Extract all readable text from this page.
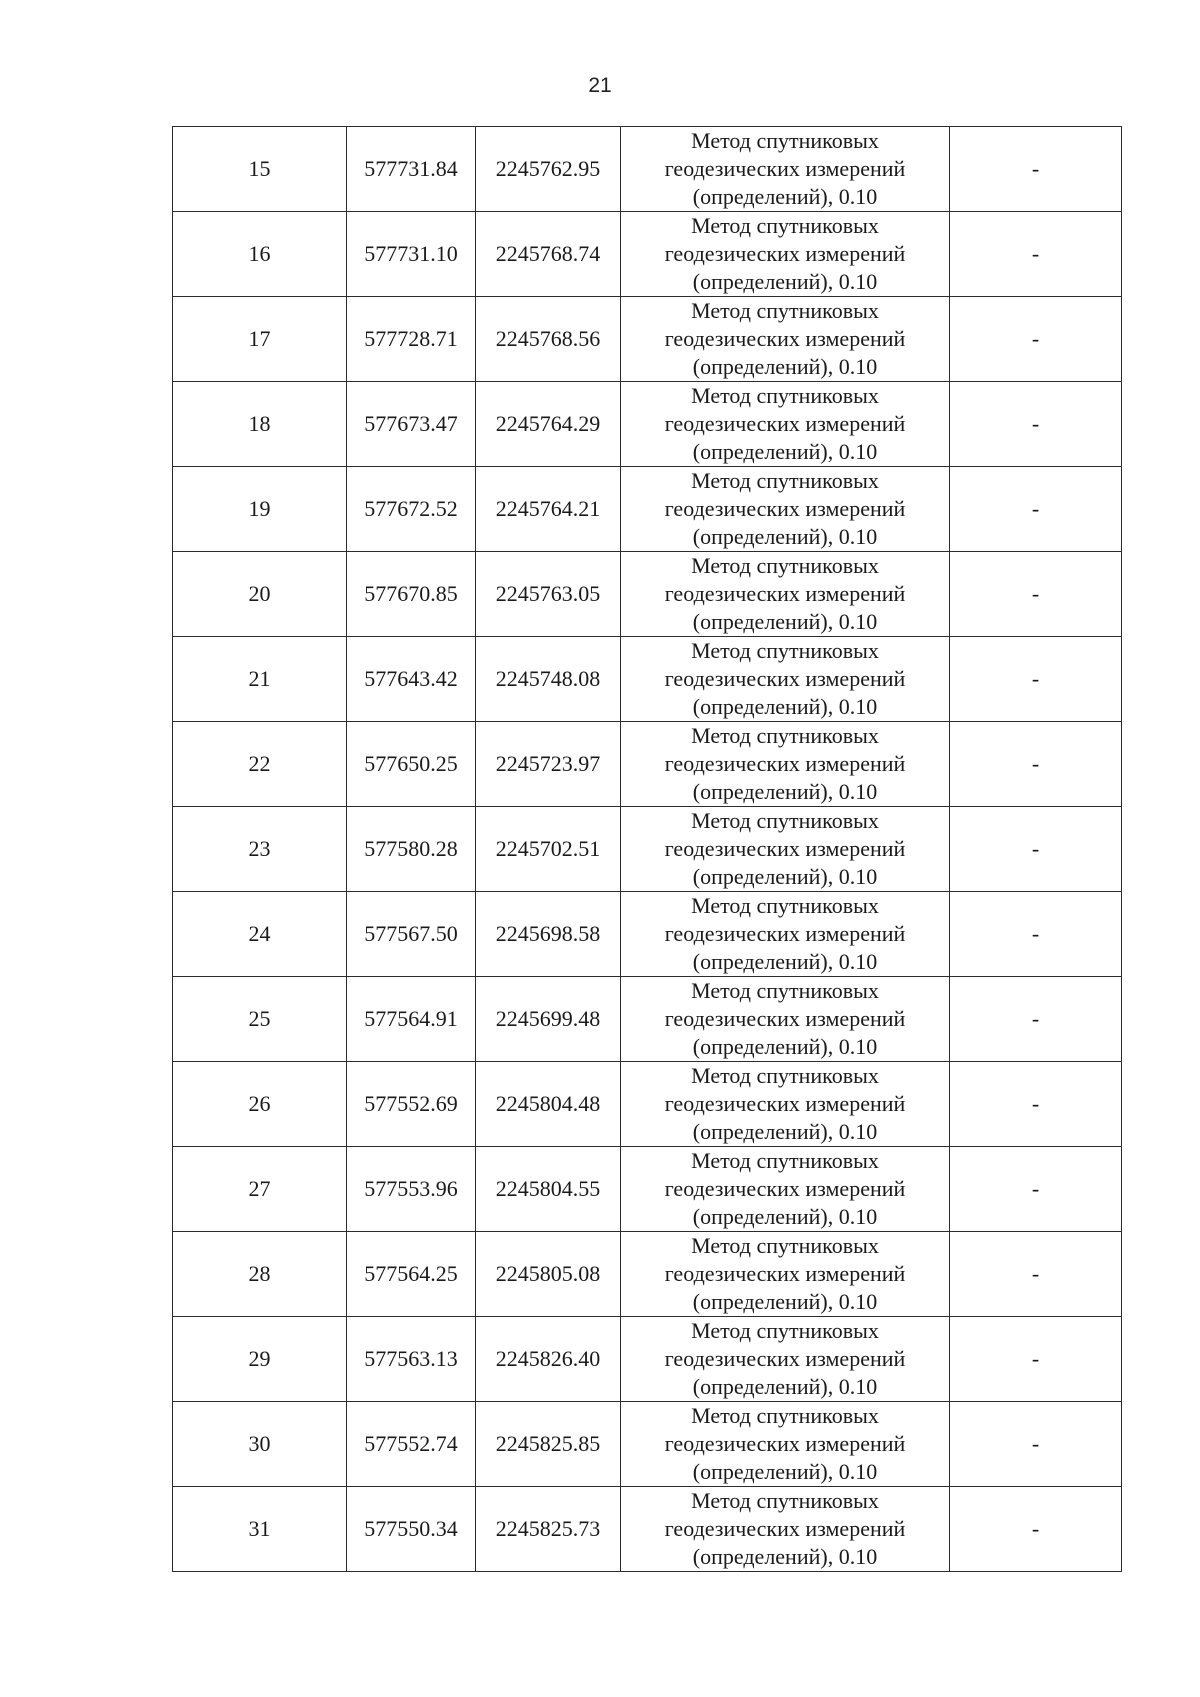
21
15	577731.84	2245762.95	Метод спутниковых
геодезических измерений
(определений), 0.10	-
16	577731.10	2245768.74	Метод спутниковых
геодезических измерений
(определений), 0.10	-
17	577728.71	2245768.56	Метод спутниковых
геодезических измерений
(определений), 0.10	-
18	577673.47	2245764.29	Метод спутниковых
геодезических измерений
(определений), 0.10	-
19	577672.52	2245764.21	Метод спутниковых
геодезических измерений
(определений), 0.10	-
20	577670.85	2245763.05	Метод спутниковых
геодезических измерений
(определений), 0.10	-
21	577643.42	2245748.08	Метод спутниковых
геодезических измерений
(определений), 0.10	-
22	577650.25	2245723.97	Метод спутниковых
геодезических измерений
(определений), 0.10	-
23	577580.28	2245702.51	Метод спутниковых
геодезических измерений
(определений), 0.10	-
24	577567.50	2245698.58	Метод спутниковых
геодезических измерений
(определений), 0.10	-
25	577564.91	2245699.48	Метод спутниковых
геодезических измерений
(определений), 0.10	-
26	577552.69	2245804.48	Метод спутниковых
геодезических измерений
(определений), 0.10	-
27	577553.96	2245804.55	Метод спутниковых
геодезических измерений
(определений), 0.10	-
28	577564.25	2245805.08	Метод спутниковых
геодезических измерений
(определений), 0.10	-
29	577563.13	2245826.40	Метод спутниковых
геодезических измерений
(определений), 0.10	-
30	577552.74	2245825.85	Метод спутниковых
геодезических измерений
(определений), 0.10	-
31	577550.34	2245825.73	Метод спутниковых
геодезических измерений
(определений), 0.10	-
